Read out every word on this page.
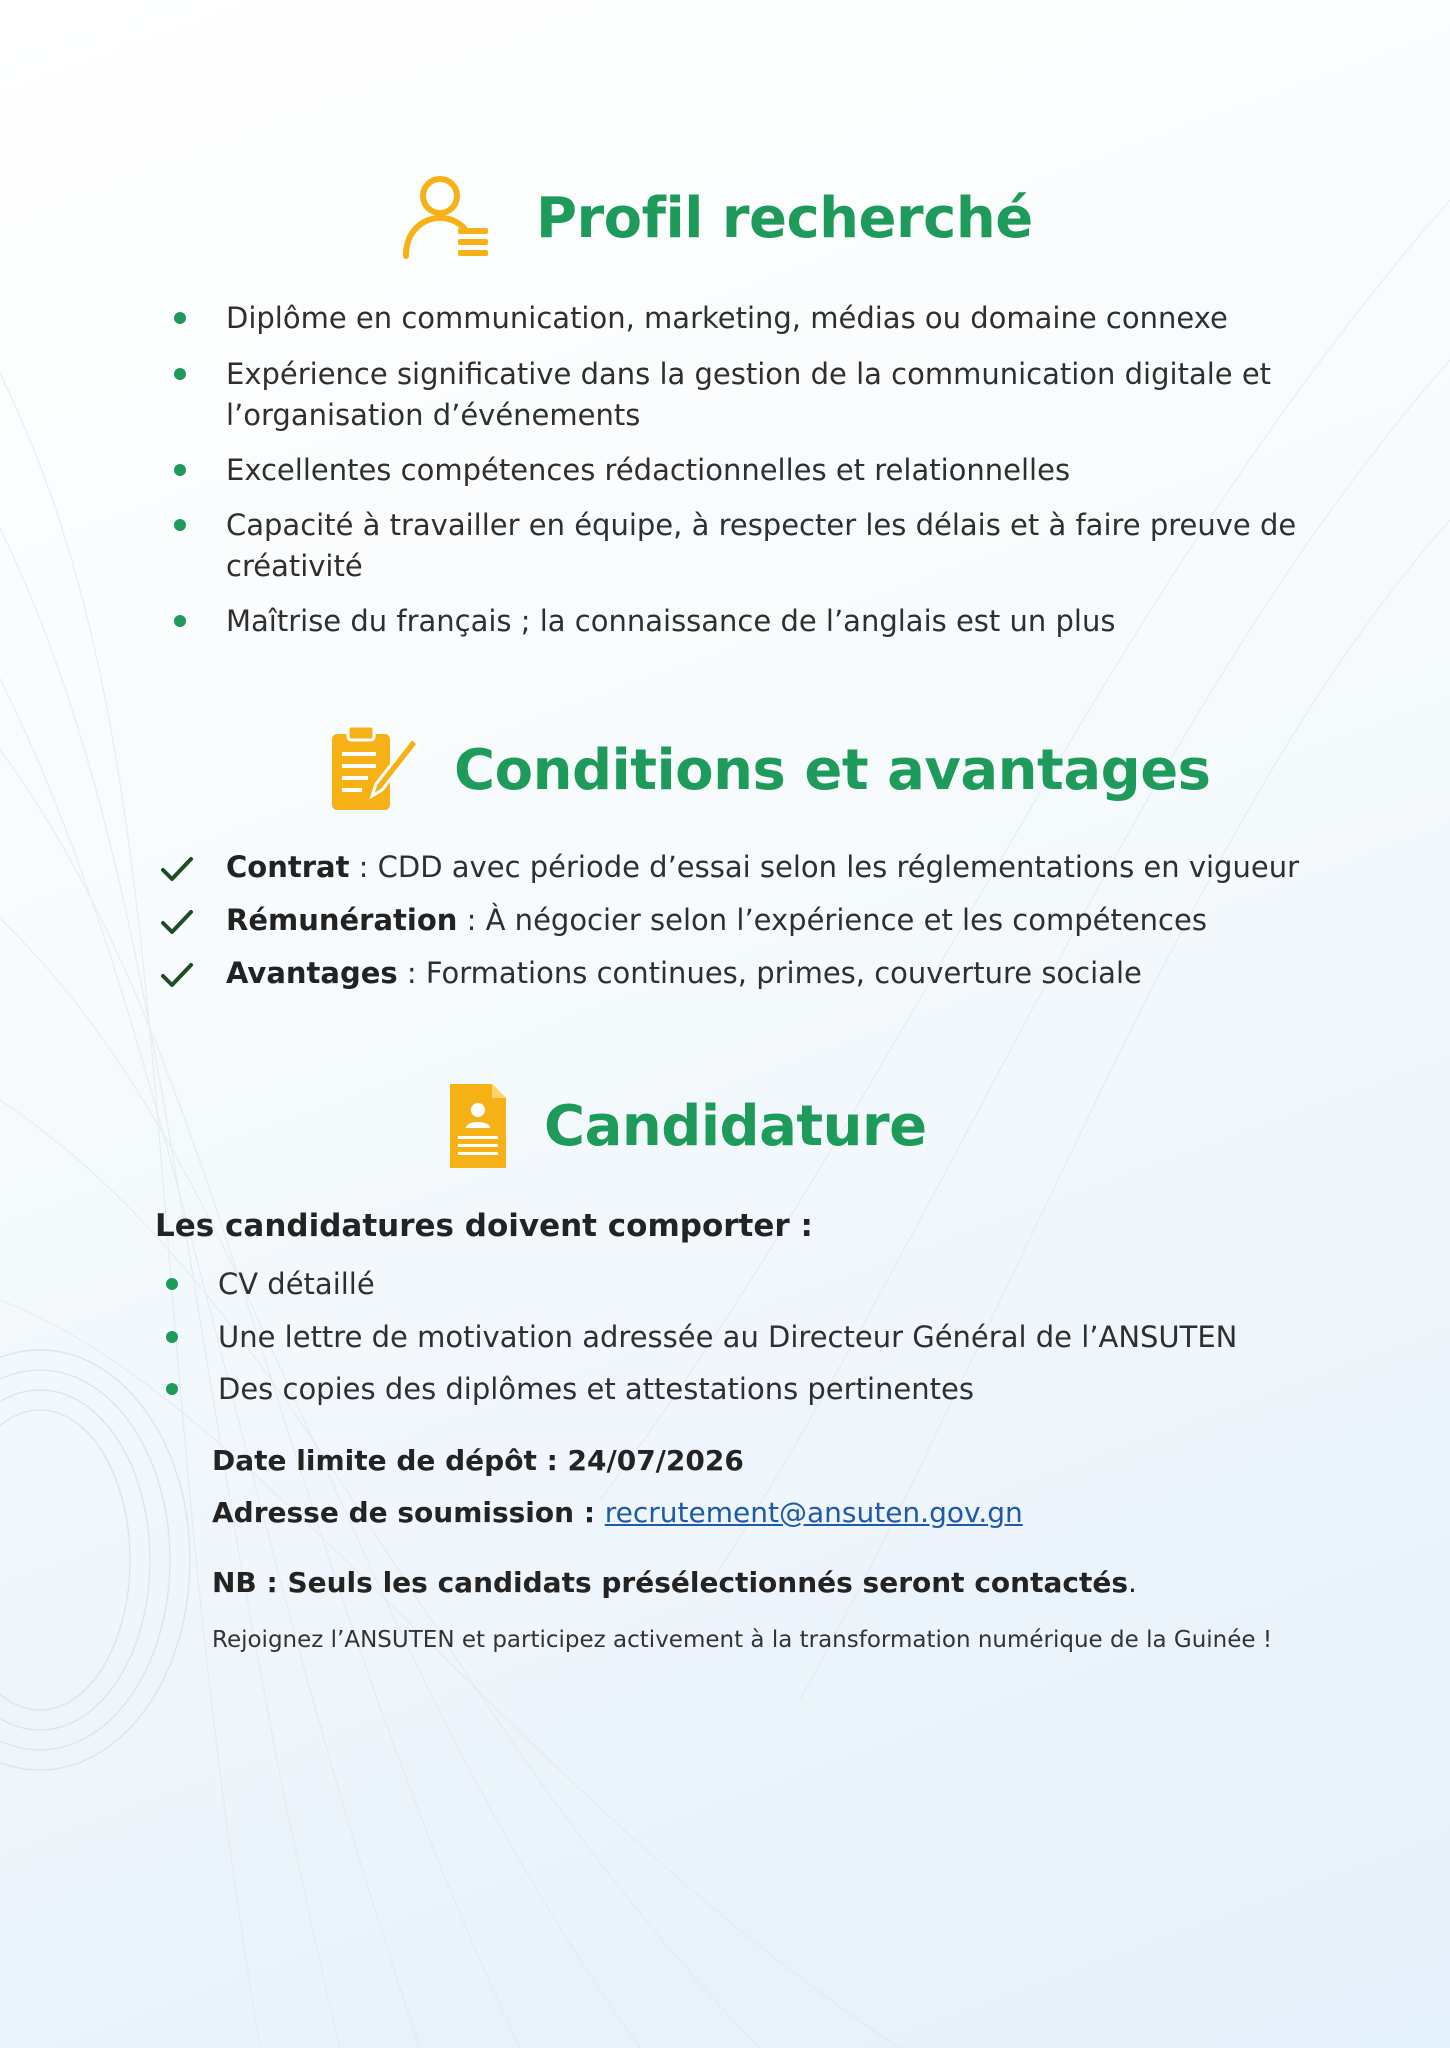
Profil recherché
Diplôme en communication, marketing, médias ou domaine connexe
Expérience significative dans la gestion de la communication digitale et
l’organisation d’événements
Excellentes compétences rédactionnelles et relationnelles
Capacité à travailler en équipe, à respecter les délais et à faire preuve de
créativité
Maîtrise du français ; la connaissance de l’anglais est un plus
Conditions et avantages
Contrat : CDD avec période d’essai selon les réglementations en vigueur
Rémunération : À négocier selon l’expérience et les compétences
Avantages : Formations continues, primes, couverture sociale
Candidature
Les candidatures doivent comporter :
CV détaillé
Une lettre de motivation adressée au Directeur Général de l’ANSUTEN
Des copies des diplômes et attestations pertinentes
Date limite de dépôt : 24/07/2026
Adresse de soumission : recrutement@ansuten.gov.gn
NB : Seuls les candidats présélectionnés seront contactés.
Rejoignez l’ANSUTEN et participez activement à la transformation numérique de la Guinée !
